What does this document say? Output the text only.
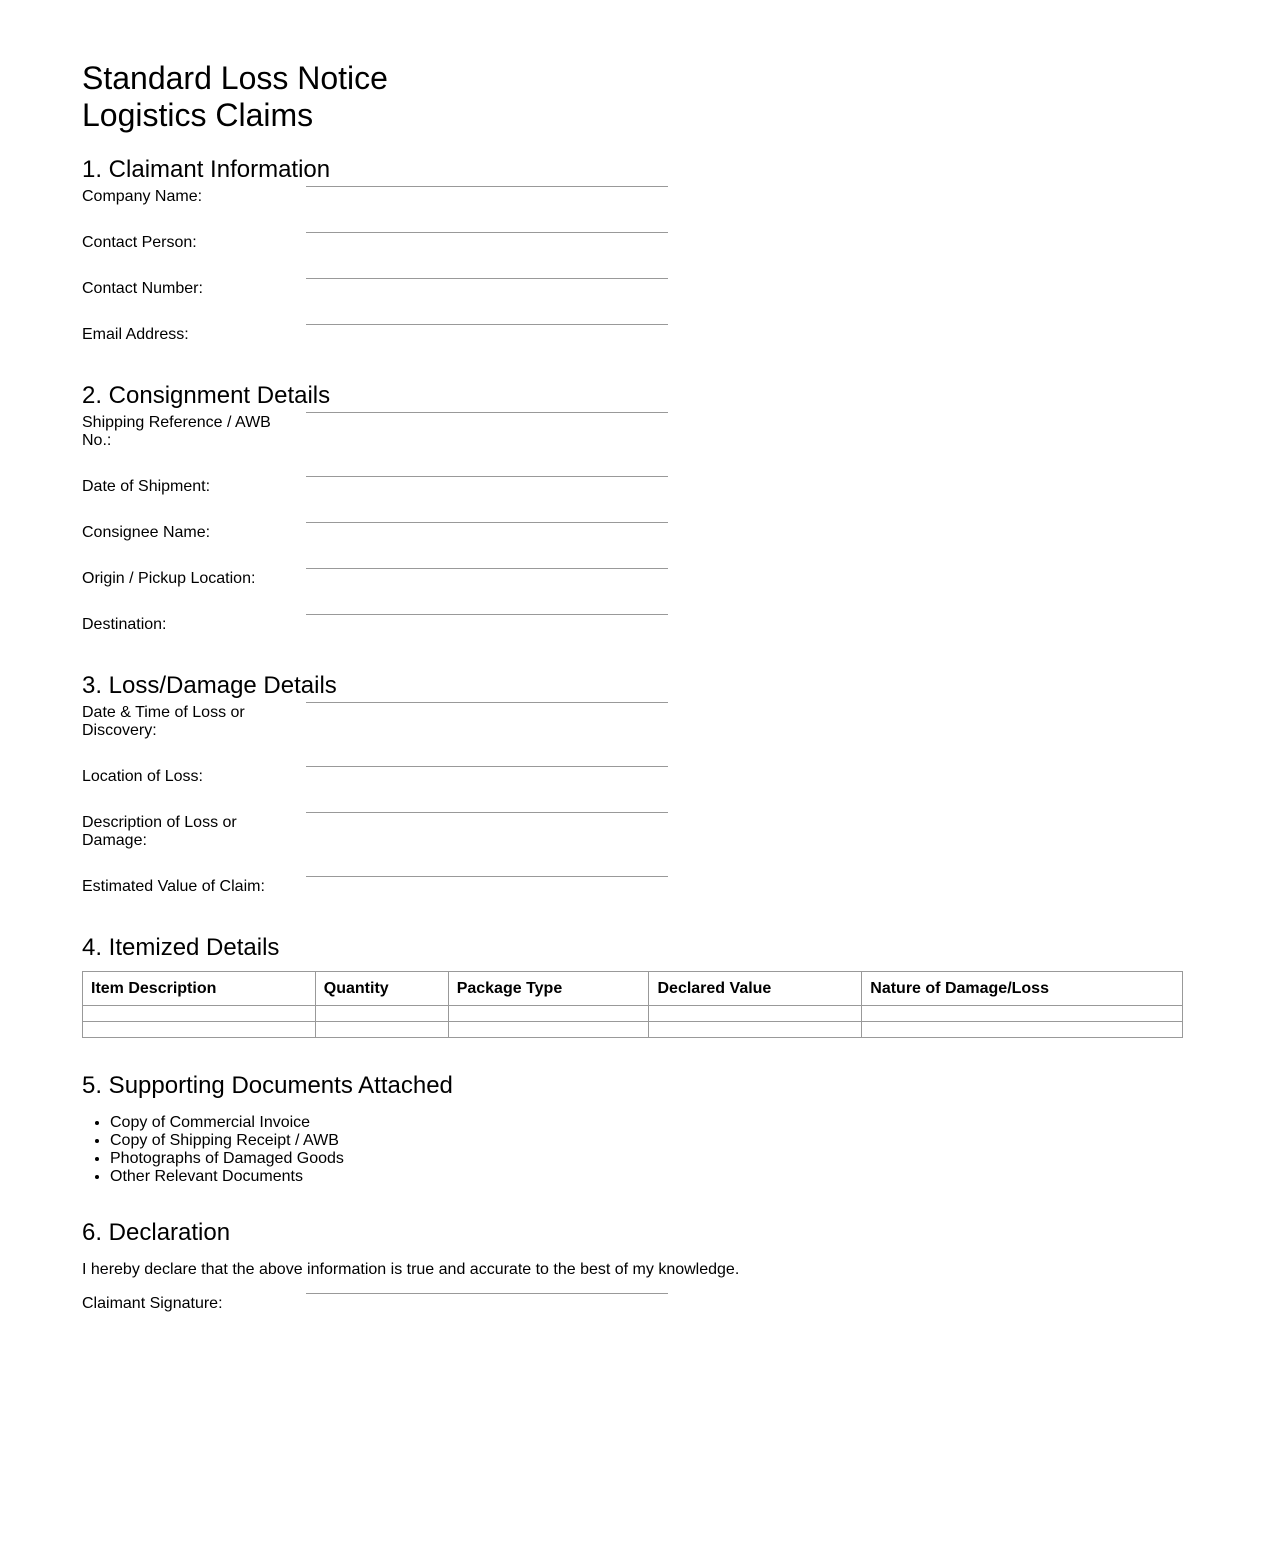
Standard Loss Notice
Logistics Claims
1. Claimant Information
Company Name:
Contact Person:
Contact Number:
Email Address:
2. Consignment Details
Shipping Reference / AWB No.:
Date of Shipment:
Consignee Name:
Origin / Pickup Location:
Destination:
3. Loss/Damage Details
Date & Time of Loss or Discovery:
Location of Loss:
Description of Loss or Damage:
Estimated Value of Claim:
4. Itemized Details
Item Description	Quantity	Package Type	Declared Value	Nature of Damage/Loss

5. Supporting Documents Attached
• Copy of Commercial Invoice
• Copy of Shipping Receipt / AWB
• Photographs of Damaged Goods
• Other Relevant Documents
6. Declaration

I hereby declare that the above information is true and accurate to the best of my knowledge.

Claimant Signature:
